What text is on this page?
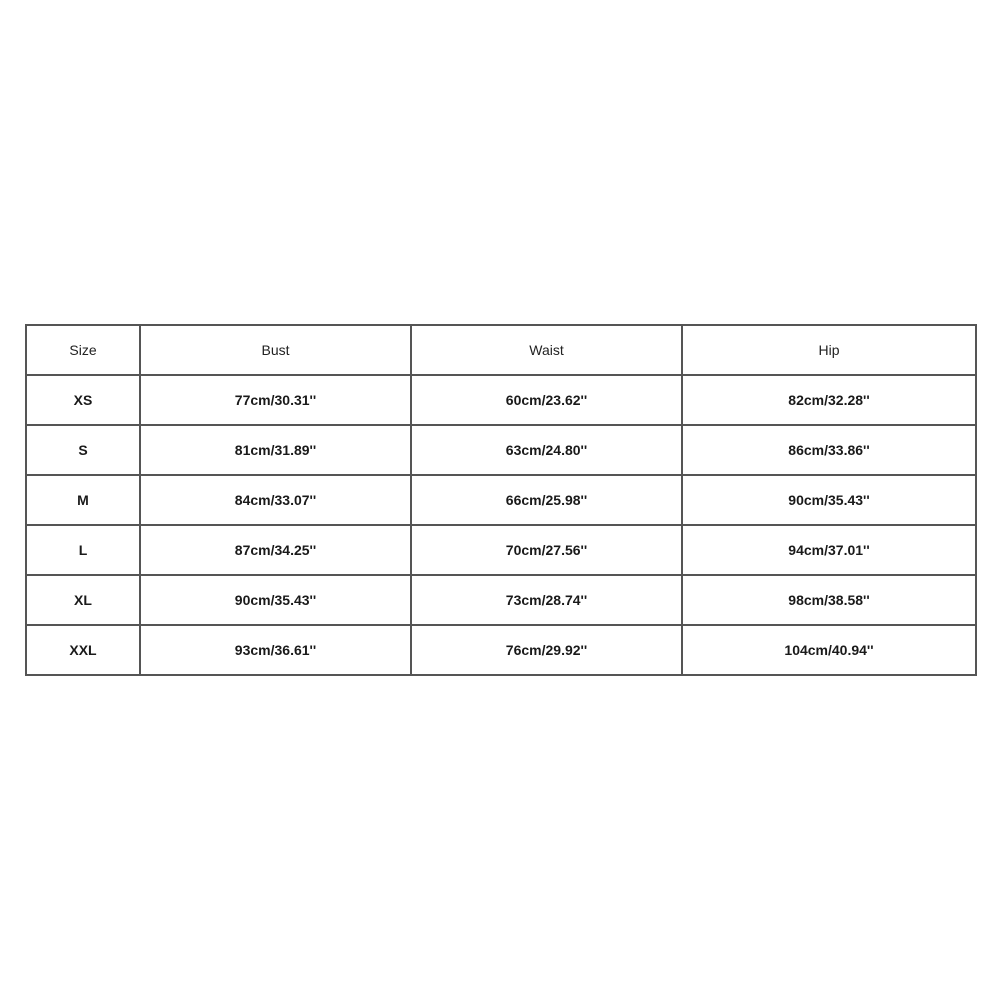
Size	Bust	Waist	Hip
XS	77cm/30.31''	60cm/23.62''	82cm/32.28''
S	81cm/31.89''	63cm/24.80''	86cm/33.86''
M	84cm/33.07''	66cm/25.98''	90cm/35.43''
L	87cm/34.25''	70cm/27.56''	94cm/37.01''
XL	90cm/35.43''	73cm/28.74''	98cm/38.58''
XXL	93cm/36.61''	76cm/29.92''	104cm/40.94''
